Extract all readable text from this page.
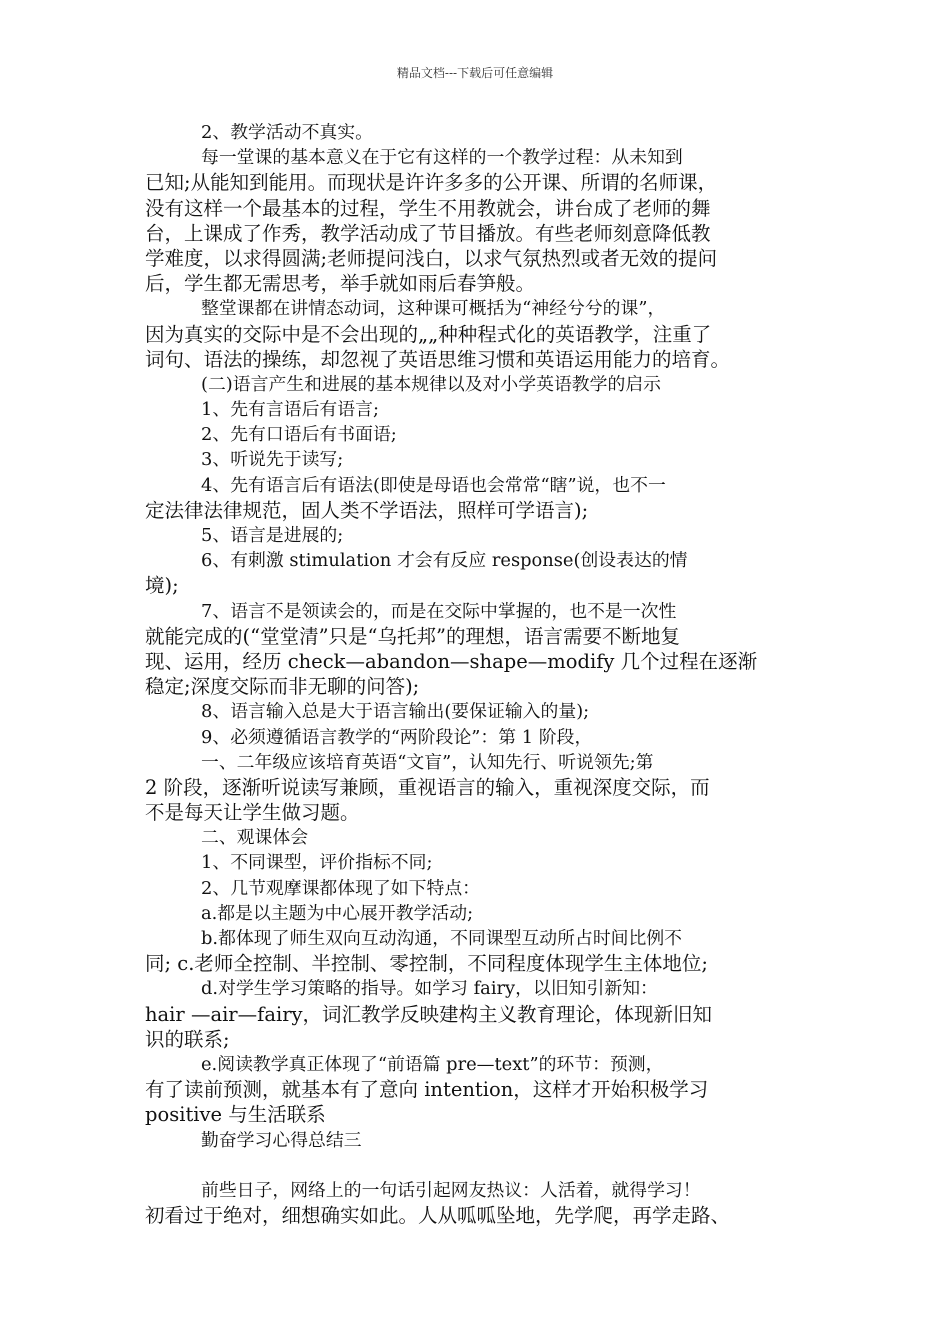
精品文档---下载后可任意编辑
2、教学活动不真实。
每一堂课的基本意义在于它有这样的一个教学过程：从未知到
已知;从能知到能用。而现状是许许多多的公开课、所谓的名师课，
没有这样一个最基本的过程，学生不用教就会，讲台成了老师的舞
台，上课成了作秀，教学活动成了节目播放。有些老师刻意降低教
学难度，以求得圆满;老师提问浅白，以求气氛热烈或者无效的提问
后，学生都无需思考，举手就如雨后春笋般。
整堂课都在讲情态动词，这种课可概括为“神经兮兮的课”，
因为真实的交际中是不会出现的„„种种程式化的英语教学，注重了
词句、语法的操练，却忽视了英语思维习惯和英语运用能力的培育。
(二)语言产生和进展的基本规律以及对小学英语教学的启示
1、先有言语后有语言;
2、先有口语后有书面语;
3、听说先于读写;
4、先有语言后有语法(即使是母语也会常常“瞎”说，也不一
定法律法律规范，固人类不学语法，照样可学语言);
5、语言是进展的;
6、有刺激 stimulation 才会有反应 response(创设表达的情
境);
7、语言不是领读会的，而是在交际中掌握的，也不是一次性
就能完成的(“堂堂清”只是“乌托邦”的理想，语言需要不断地复
现、运用，经历 check—abandon—shape—modify 几个过程在逐渐
稳定;深度交际而非无聊的问答);
8、语言输入总是大于语言输出(要保证输入的量);
9、必须遵循语言教学的“两阶段论”：第 1 阶段，
一、二年级应该培育英语“文盲”，认知先行、听说领先;第
2 阶段，逐渐听说读写兼顾，重视语言的输入，重视深度交际，而
不是每天让学生做习题。
二、观课体会
1、不同课型，评价指标不同;
2、几节观摩课都体现了如下特点：
a.都是以主题为中心展开教学活动;
b.都体现了师生双向互动沟通，不同课型互动所占时间比例不
同; c.老师全控制、半控制、零控制，不同程度体现学生主体地位;
d.对学生学习策略的指导。如学习 fairy，以旧知引新知：
hair —air—fairy，词汇教学反映建构主义教育理论，体现新旧知
识的联系;
e.阅读教学真正体现了“前语篇 pre—text”的环节：预测，
有了读前预测，就基本有了意向 intention，这样才开始积极学习
positive 与生活联系
勤奋学习心得总结三
前些日子，网络上的一句话引起网友热议：人活着，就得学习！
初看过于绝对，细想确实如此。人从呱呱坠地，先学爬，再学走路、
